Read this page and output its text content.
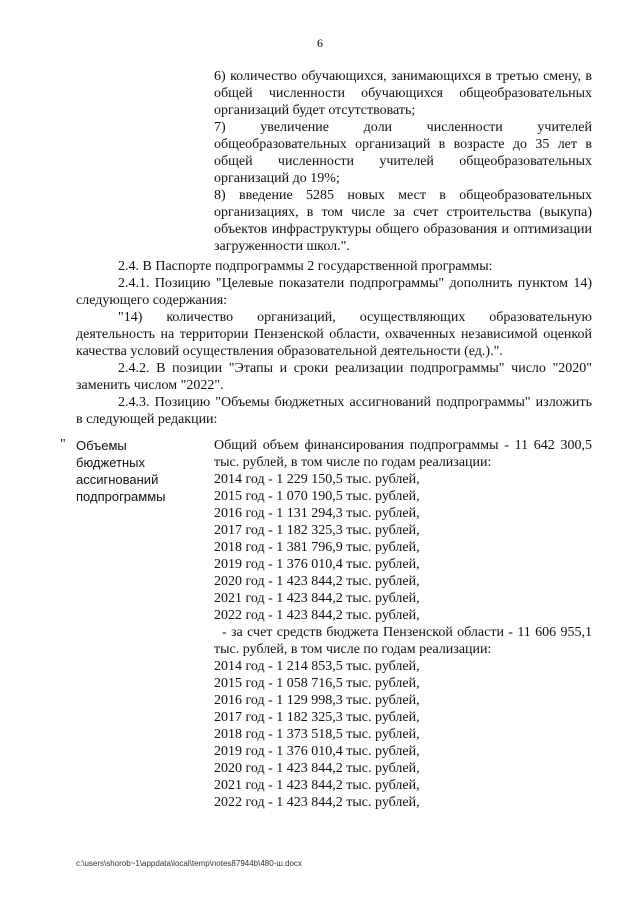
6
6) количество обучающихся, занимающихся в третью смену, в общей численности обучающихся общеобразовательных организаций будет отсутствовать;
7) увеличение доли численности учителей общеобразовательных организаций в возрасте до 35 лет в общей численности учителей общеобразовательных организаций до 19%;
8) введение 5285 новых мест в общеобразовательных организациях, в том числе за счет строительства (выкупа) объектов инфраструктуры общего образования и оптимизации загруженности школ.".
2.4. В Паспорте подпрограммы 2 государственной программы:
2.4.1. Позицию "Целевые показатели подпрограммы" дополнить пунктом 14) следующего содержания:
"14) количество организаций, осуществляющих образовательную деятельность на территории Пензенской области, охваченных независимой оценкой качества условий осуществления образовательной деятельности (ед.).".
2.4.2. В позиции "Этапы и сроки реализации подпрограммы" число "2020" заменить числом "2022".
2.4.3. Позицию "Объемы бюджетных ассигнований подпрограммы" изложить в следующей редакции:
" Объемы
бюджетных
ассигнований
подпрограммы
Общий объем финансирования подпрограммы - 11 642 300,5 тыс. рублей, в том числе по годам реализации:
2014 год - 1 229 150,5 тыс. рублей,
2015 год - 1 070 190,5 тыс. рублей,
2016 год - 1 131 294,3 тыс. рублей,
2017 год - 1 182 325,3 тыс. рублей,
2018 год - 1 381 796,9 тыс. рублей,
2019 год - 1 376 010,4 тыс. рублей,
2020 год - 1 423 844,2 тыс. рублей,
2021 год - 1 423 844,2 тыс. рублей,
2022 год - 1 423 844,2 тыс. рублей,
- за счет средств бюджета Пензенской области - 11 606 955,1 тыс. рублей, в том числе по годам реализации:
2014 год - 1 214 853,5 тыс. рублей,
2015 год - 1 058 716,5 тыс. рублей,
2016 год - 1 129 998,3 тыс. рублей,
2017 год - 1 182 325,3 тыс. рублей,
2018 год - 1 373 518,5 тыс. рублей,
2019 год - 1 376 010,4 тыс. рублей,
2020 год - 1 423 844,2 тыс. рублей,
2021 год - 1 423 844,2 тыс. рублей,
2022 год - 1 423 844,2 тыс. рублей,
c:\users\shorob~1\appdata\local\temp\notes87944b\480-ш.docx
